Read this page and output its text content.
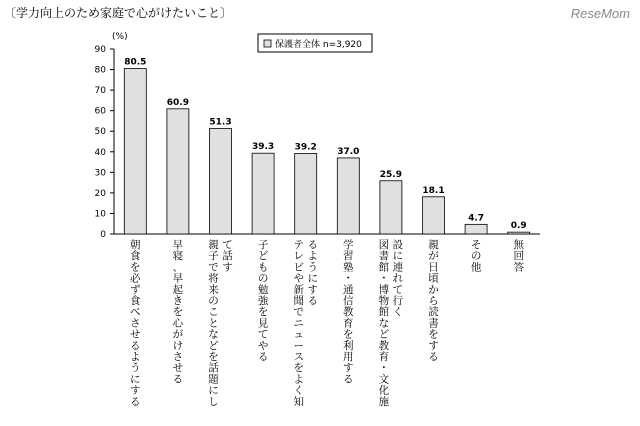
〔学力向上のため家庭で心がけたいこと〕	ReseMom
0
10
20
30
40
50
60
70
80
90
(%)
80.5
朝
食
を
必
ず
食
べ
さ
せ
る
よ
う
に
す
る
60.9
早
寝
、
早
起
き
を
心
が
け
さ
せ
る
51.3
親
子
で
将
来
の
こ
と
な
ど
を
話
題
に
し
て
話
す
39.3
子
ど
も
の
勉
強
を
見
て
や
る
39.2
テ
レ
ビ
や
新
聞
で
ニ
ュ
ー
ス
を
よ
く
知
る
よ
う
に
す
る
37.0
学
習
塾
・
通
信
教
育
を
利
用
す
る
25.9
図
書
館
・
博
物
館
な
ど
教
育
・
文
化
施
設
に
連
れ
て
行
く
18.1
親
が
日
頃
か
ら
読
書
を
す
る
4.7
そ
の
他
0.9
無
回
答
保護者全体 n=3,920
